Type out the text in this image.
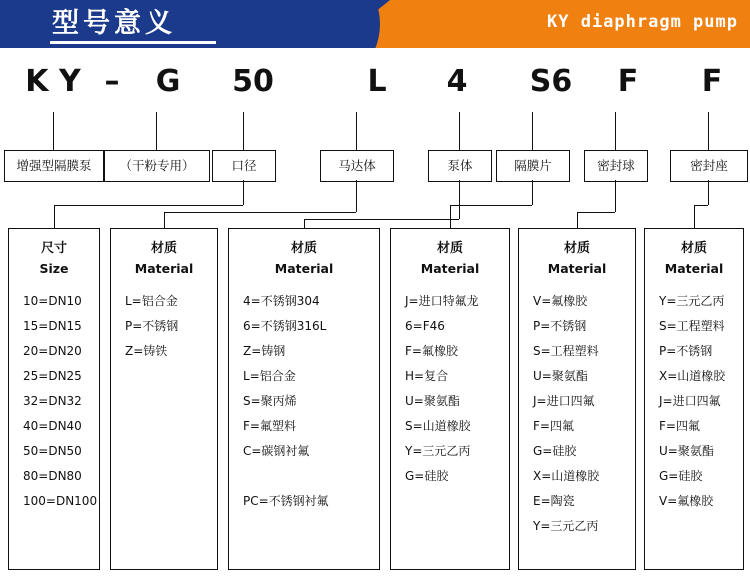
型号意义	KY diaphragm pump
K Y –	G	50	L	4	S6	F	F
增强型隔膜泵	（干粉专用）	口径	马达体	泵体	隔膜片	密封球	密封座
尺寸
Size
10=DN10
15=DN15
20=DN20
25=DN25
32=DN32
40=DN40
50=DN50
80=DN80
100=DN100
材质
Material
L=铝合金
P=不锈钢
Z=铸铁
材质
Material
4=不锈钢304
6=不锈钢316L
Z=铸钢
L=铝合金
S=聚丙烯
F=氟塑料
C=碳钢衬氟

PC=不锈钢衬氟
材质
Material
J=进口特氟龙
6=F46
F=氟橡胶
H=复合
U=聚氨酯
S=山道橡胶
Y=三元乙丙
G=硅胶
材质
Material
V=氟橡胶
P=不锈钢
S=工程塑料
U=聚氨酯
J=进口四氟
F=四氟
G=硅胶
X=山道橡胶
E=陶瓷
Y=三元乙丙
材质
Material
Y=三元乙丙
S=工程塑料
P=不锈钢
X=山道橡胶
J=进口四氟
F=四氟
U=聚氨酯
G=硅胶
V=氟橡胶
